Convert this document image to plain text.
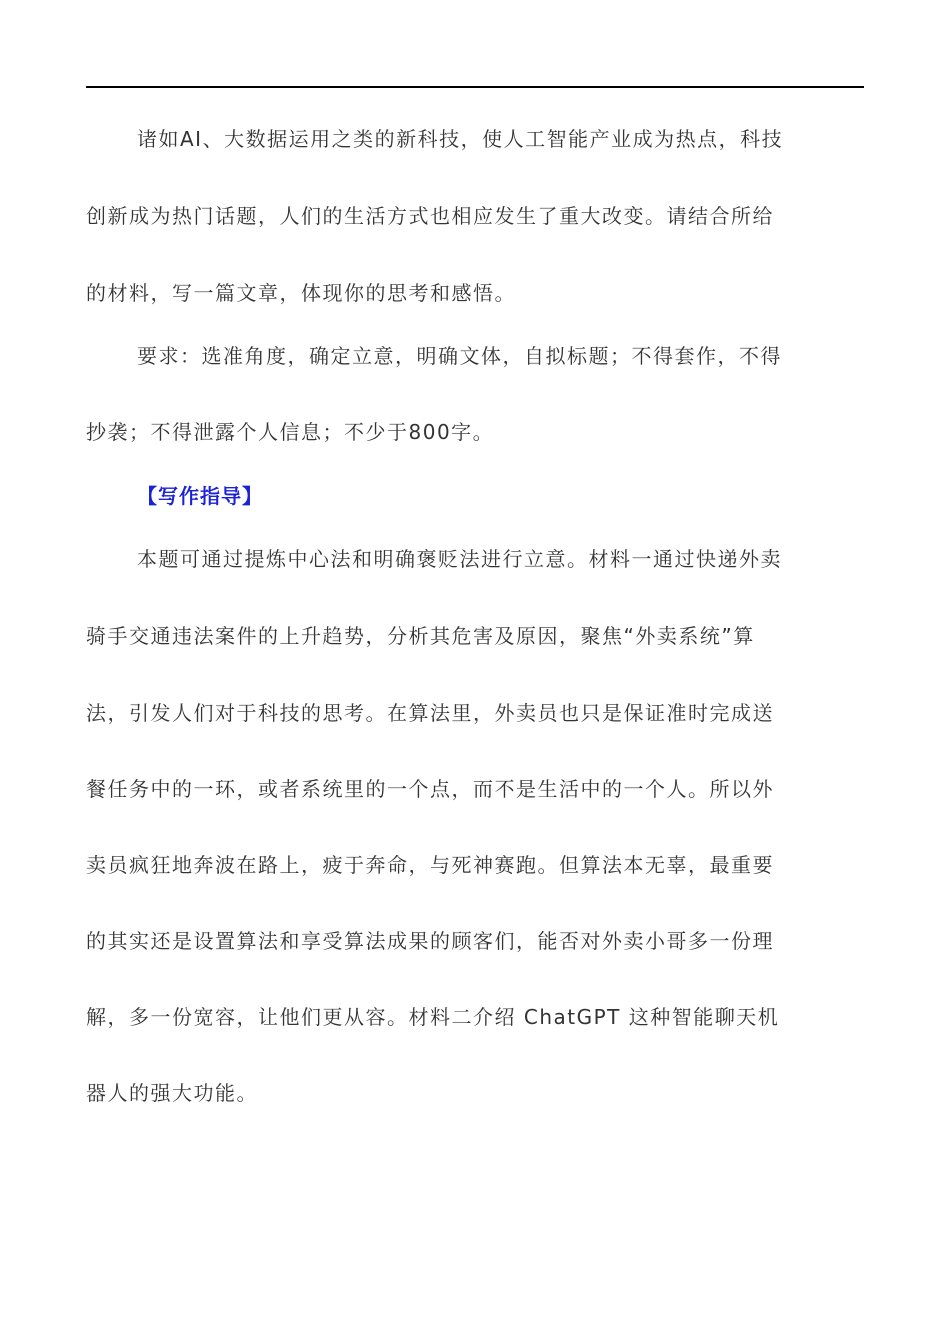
诸如AI、大数据运用之类的新科技，使人工智能产业成为热点，科技
创新成为热门话题，人们的生活方式也相应发生了重大改变。请结合所给
的材料，写一篇文章，体现你的思考和感悟。
要求：选准角度，确定立意，明确文体，自拟标题；不得套作，不得
抄袭；不得泄露个人信息；不少于800字。
【写作指导】
本题可通过提炼中心法和明确褒贬法进行立意。材料一通过快递外卖
骑手交通违法案件的上升趋势，分析其危害及原因，聚焦“外卖系统”算
法，引发人们对于科技的思考。在算法里，外卖员也只是保证准时完成送
餐任务中的一环，或者系统里的一个点，而不是生活中的一个人。所以外
卖员疯狂地奔波在路上，疲于奔命，与死神赛跑。但算法本无辜，最重要
的其实还是设置算法和享受算法成果的顾客们，能否对外卖小哥多一份理
解，多一份宽容，让他们更从容。材料二介绍 ChatGPT 这种智能聊天机
器人的强大功能。
